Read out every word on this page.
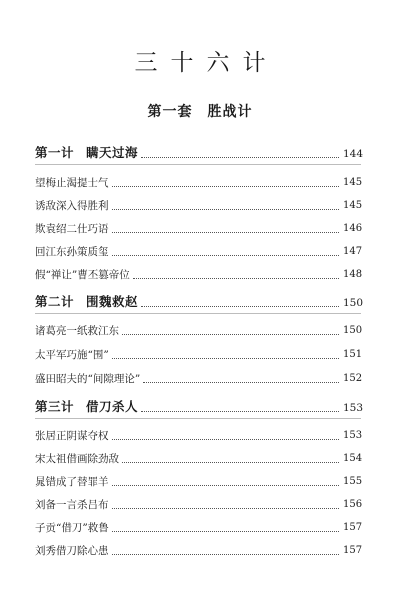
三十六计
第一套　胜战计
第一计 瞒天过海	144
望梅止渴提士气	145
诱敌深入得胜利	145
欺袁绍二仕巧语	146
回江东孙策质玺	147
假“禅让”曹丕篡帝位	148
第二计 围魏救赵	150
诸葛亮一纸救江东	150
太平军巧施“围”	151
盛田昭夫的“间隙理论”	152
第三计 借刀杀人	153
张居正阴谋夺权	153
宋太祖借画除劲敌	154
晁错成了替罪羊	155
刘备一言杀吕布	156
子贡“借刀”救鲁	157
刘秀借刀除心患	157
